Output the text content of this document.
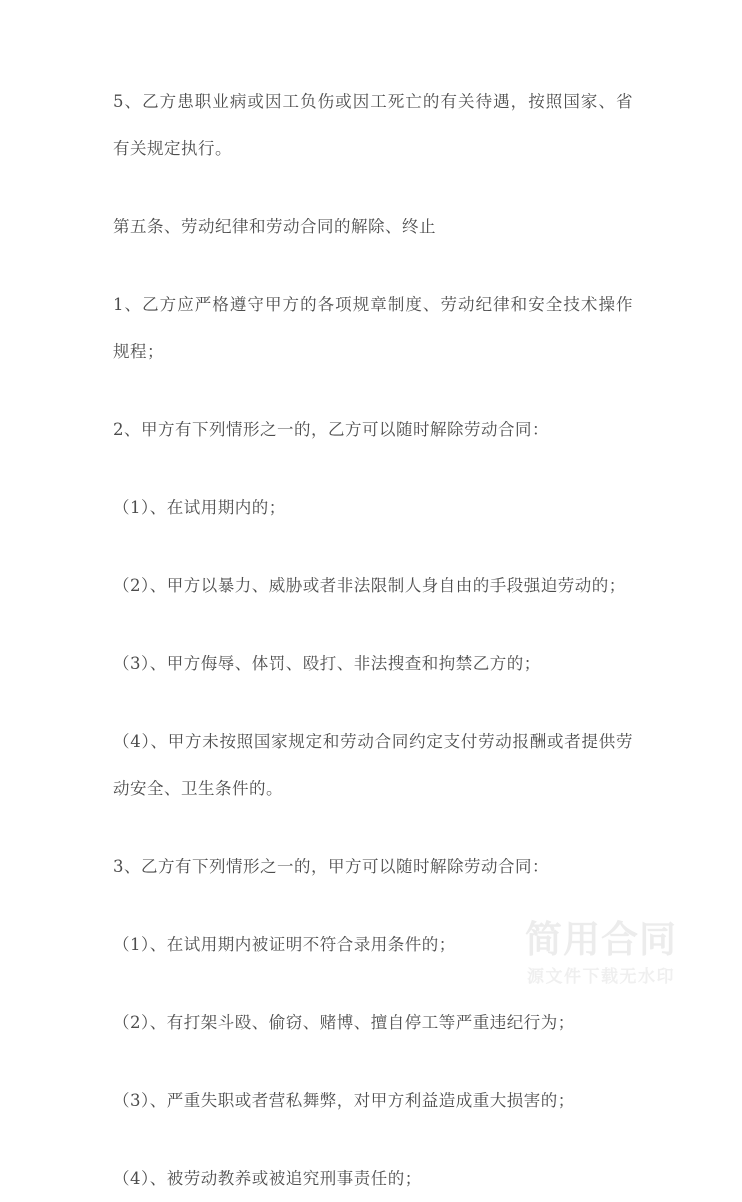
5、乙方患职业病或因工负伤或因工死亡的有关待遇，按照国家、省有关规定执行。

第五条、劳动纪律和劳动合同的解除、终止

1、乙方应严格遵守甲方的各项规章制度、劳动纪律和安全技术操作规程；

2、甲方有下列情形之一的，乙方可以随时解除劳动合同：

（1）、在试用期内的；

（2）、甲方以暴力、威胁或者非法限制人身自由的手段强迫劳动的；

（3）、甲方侮辱、体罚、殴打、非法搜查和拘禁乙方的；

（4）、甲方未按照国家规定和劳动合同约定支付劳动报酬或者提供劳动安全、卫生条件的。

3、乙方有下列情形之一的，甲方可以随时解除劳动合同：

（1）、在试用期内被证明不符合录用条件的；

（2）、有打架斗殴、偷窃、赌博、擅自停工等严重违纪行为；

（3）、严重失职或者营私舞弊，对甲方利益造成重大损害的；

（4）、被劳动教养或被追究刑事责任的；

简用合同
源文件下载无水印
